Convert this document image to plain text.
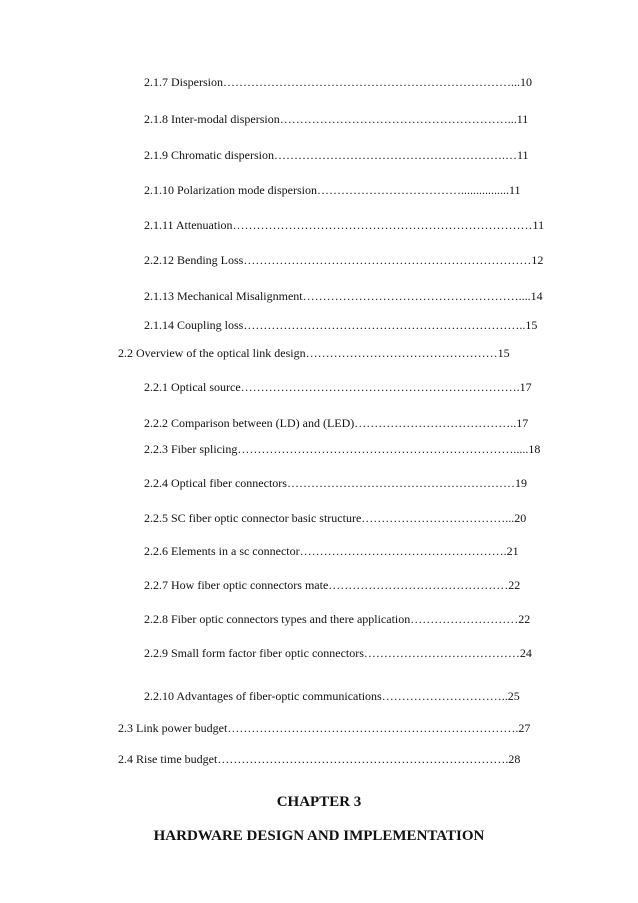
2.1.7 Dispersion………………………………………………………………...10
2.1.8 Inter-modal dispersion…………………………………………………...11
2.1.9 Chromatic dispersion………………………………………………….…11
2.1.10 Polarization mode dispersion………………………………................11
2.1.11 Attenuation…………………………………………………………………11
2.2.12 Bending Loss………………………………………………………………12
2.1.13 Mechanical Misalignment………………………………………………....14
2.1.14 Coupling loss……………………………………………………………..15
2.2 Overview of the optical link design…………………………………………15
2.2.1 Optical source…………………………………………………………….17
2.2.2 Comparison between (LD) and (LED)…………………………………..17
2.2.3 Fiber splicing…………………………………………………………….....18
2.2.4 Optical fiber connectors…………………………………………………19
2.2.5 SC fiber optic connector basic structure………………………………...20
2.2.6 Elements in a sc connector…………………………………………….21
2.2.7 How fiber optic connectors mate………………………………………22
2.2.8 Fiber optic connectors types and there application………………………22
2.2.9 Small form factor fiber optic connectors…………………………………24
2.2.10 Advantages of fiber-optic communications…………………………..25
2.3 Link power budget……………………………………………………………….27
2.4 Rise time budget……………………………………………………………….28
CHAPTER 3
HARDWARE DESIGN AND IMPLEMENTATION
